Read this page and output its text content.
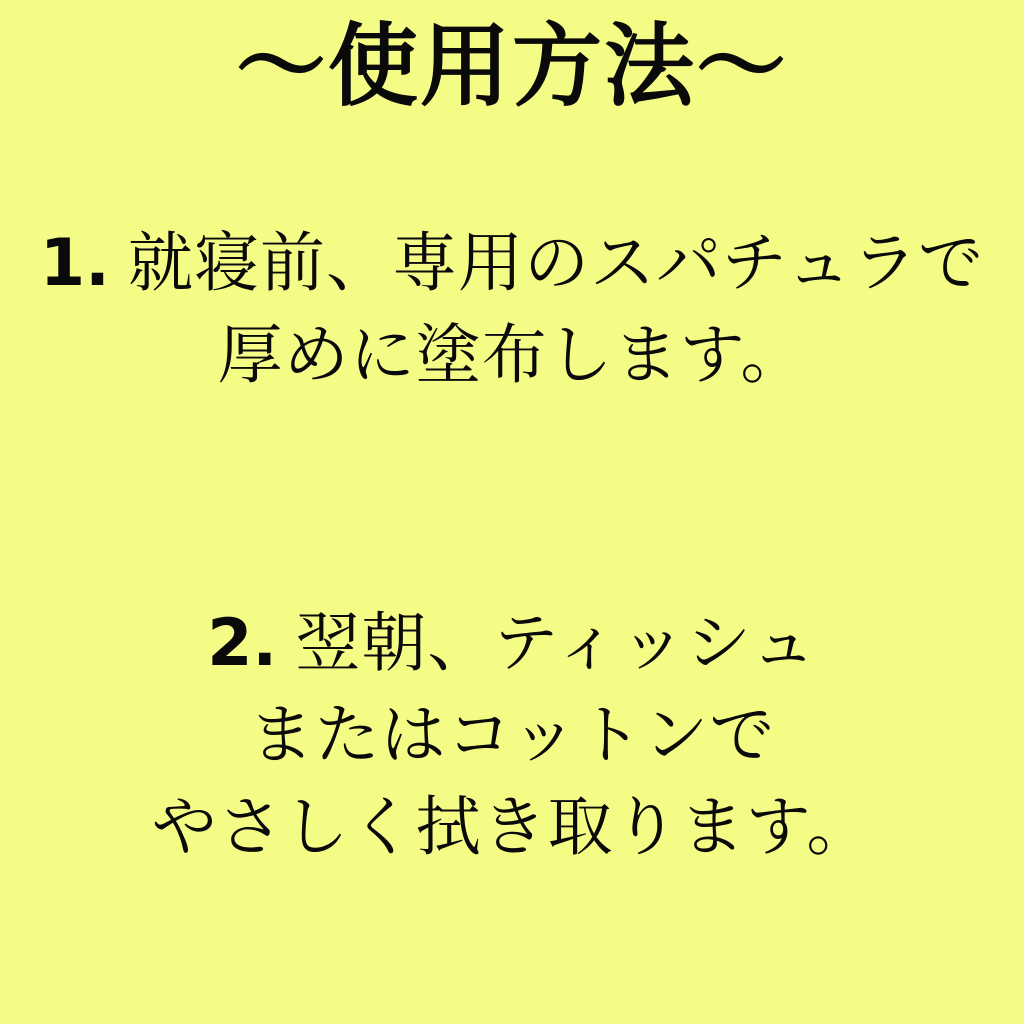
〜使用方法〜

1. 就寝前、専用のスパチュラで

厚めに塗布します。

2. 翌朝、ティッシュ

またはコットンで

やさしく拭き取ります。
